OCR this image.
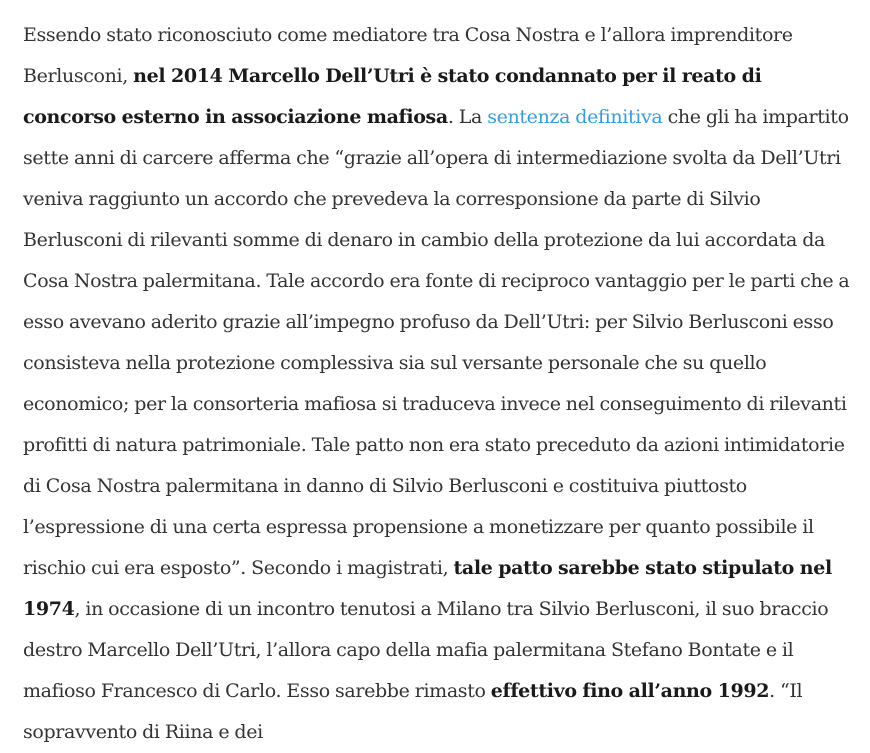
Essendo stato riconosciuto come mediatore tra Cosa Nostra e l’allora imprenditore Berlusconi, nel 2014 Marcello Dell’Utri è stato condannato per il reato di concorso esterno in associazione mafiosa. La sentenza definitiva che gli ha impartito sette anni di carcere afferma che “grazie all’opera di intermediazione svolta da Dell’Utri veniva raggiunto un accordo che prevedeva la corresponsione da parte di Silvio Berlusconi di rilevanti somme di denaro in cambio della protezione da lui accordata da Cosa Nostra palermitana. Tale accordo era fonte di reciproco vantaggio per le parti che a esso avevano aderito grazie all’impegno profuso da Dell’Utri: per Silvio Berlusconi esso consisteva nella protezione complessiva sia sul versante personale che su quello economico; per la consorteria mafiosa si traduceva invece nel conseguimento di rilevanti profitti di natura patrimoniale. Tale patto non era stato preceduto da azioni intimidatorie di Cosa Nostra palermitana in danno di Silvio Berlusconi e costituiva piuttosto l’espressione di una certa espressa propensione a monetizzare per quanto possibile il rischio cui era esposto”. Secondo i magistrati, tale patto sarebbe stato stipulato nel 1974, in occasione di un incontro tenutosi a Milano tra Silvio Berlusconi, il suo braccio destro Marcello Dell’Utri, l’allora capo della mafia palermitana Stefano Bontate e il mafioso Francesco di Carlo. Esso sarebbe rimasto effettivo fino all’anno 1992. “Il sopravvento di Riina e dei
